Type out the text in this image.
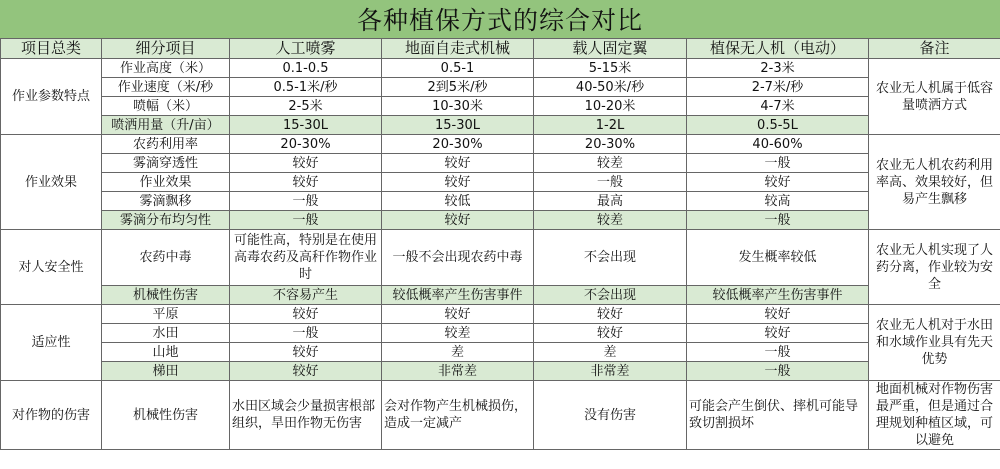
各种植保方式的综合对比
项目总类	细分项目	人工喷雾	地面自走式机械	载人固定翼	植保无人机（电动）	备注
作业参数特点	作业高度（米）	0.1-0.5	0.5-1	5-15米	2-3米	农业无人机属于低容量喷洒方式
	作业速度（米/秒	0.5-1米/秒	2到5米/秒	40-50米/秒	2-7米/秒	
	喷幅（米）	2-5米	10-30米	10-20米	4-7米	
	喷洒用量（升/亩）	15-30L	15-30L	1-2L	0.5-5L	
作业效果	农药利用率	20-30%	20-30%	20-30%	40-60%	农业无人机农药利用率高、效果较好，但易产生飘移
	雾滴穿透性	较好	较好	较差	一般	
	作业效果	较好	较好	一般	较好	
	雾滴飘移	一般	较低	最高	较高	
	雾滴分布均匀性	一般	较好	较差	一般	
对人安全性	农药中毒	可能性高，特别是在使用高毒农药及高秆作物作业时	一般不会出现农药中毒	不会出现	发生概率较低	农业无人机实现了人药分离，作业较为安全
	机械性伤害	不容易产生	较低概率产生伤害事件	不会出现	较低概率产生伤害事件	
适应性	平原	较好	较好	较好	较好	农业无人机对于水田和水域作业具有先天优势
	水田	一般	较差	较好	较好	
	山地	较好	差	差	一般	
	梯田	较好	非常差	非常差	一般	
对作物的伤害	机械性伤害	水田区域会少量损害根部组织，旱田作物无伤害	会对作物产生机械损伤，造成一定减产	没有伤害	可能会产生倒伏、摔机可能导致切割损坏	地面机械对作物伤害最严重，但是通过合理规划种植区域，可以避免
